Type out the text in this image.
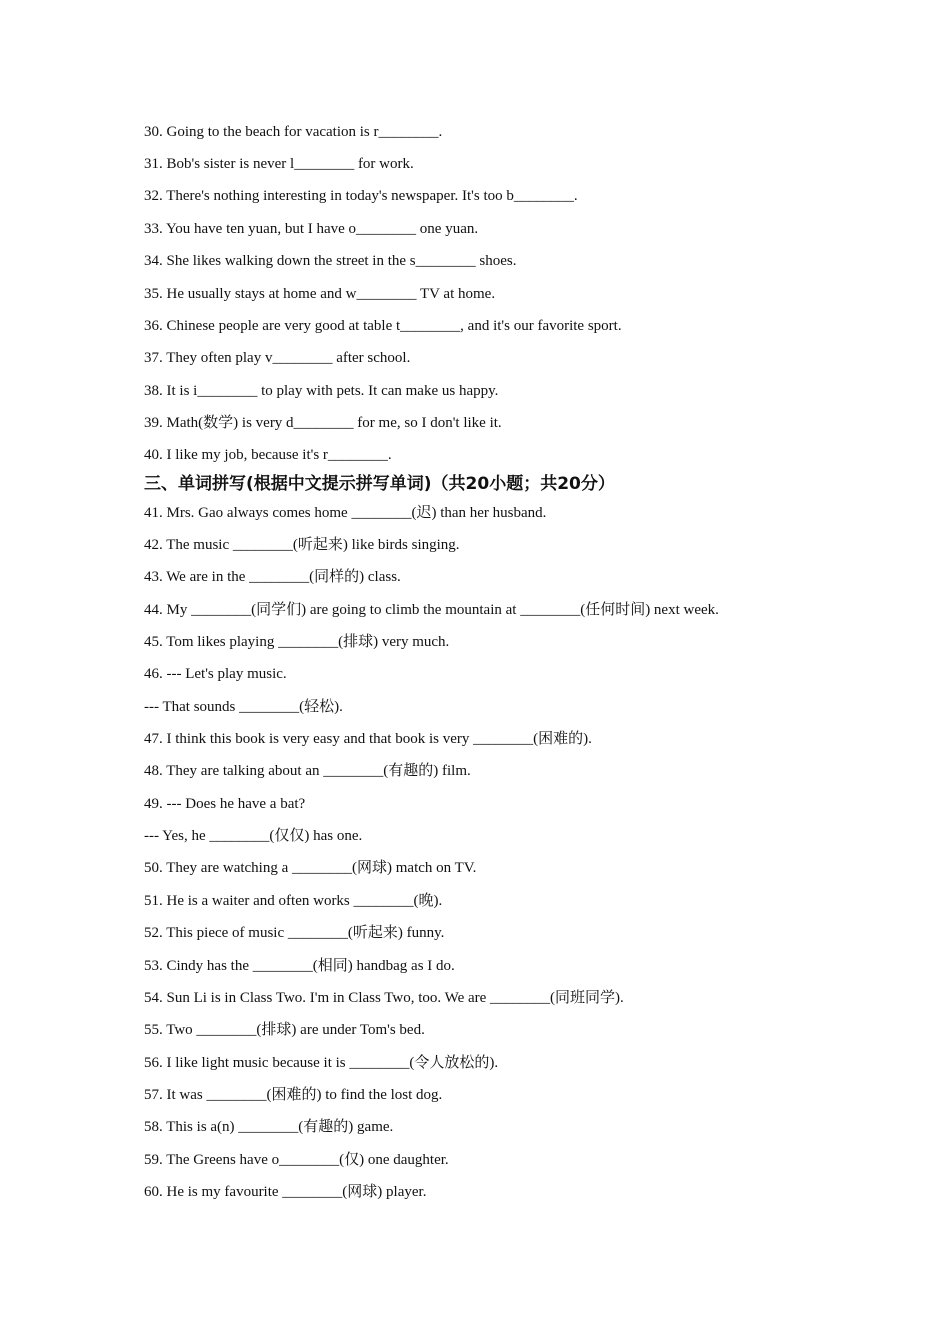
30. Going to the beach for vacation is r________.
31. Bob's sister is never l________ for work.
32. There's nothing interesting in today's newspaper. It's too b________.
33. You have ten yuan, but I have o________ one yuan.
34. She likes walking down the street in the s________ shoes.
35. He usually stays at home and w________ TV at home.
36. Chinese people are very good at table t________, and it's our favorite sport.
37. They often play v________ after school.
38. It is i________ to play with pets. It can make us happy.
39. Math(数学) is very d________ for me, so I don't like it.
40. I like my job, because it's r________.
三、单词拼写(根据中文提示拼写单词)（共20小题；共20分）
41. Mrs. Gao always comes home ________(迟) than her husband.
42. The music ________(听起来) like birds singing.
43. We are in the ________(同样的) class.
44. My ________(同学们) are going to climb the mountain at ________(任何时间) next week.
45. Tom likes playing ________(排球) very much.
46. --- Let's play music.
--- That sounds ________(轻松).
47. I think this book is very easy and that book is very ________(困难的).
48. They are talking about an ________(有趣的) film.
49. --- Does he have a bat?
--- Yes, he ________(仅仅) has one.
50. They are watching a ________(网球) match on TV.
51. He is a waiter and often works ________(晚).
52. This piece of music ________(听起来) funny.
53. Cindy has the ________(相同) handbag as I do.
54. Sun Li is in Class Two. I'm in Class Two, too. We are ________(同班同学).
55. Two ________(排球) are under Tom's bed.
56. I like light music because it is ________(令人放松的).
57. It was ________(困难的) to find the lost dog.
58. This is a(n) ________(有趣的) game.
59. The Greens have o________(仅) one daughter.
60. He is my favourite ________(网球) player.
